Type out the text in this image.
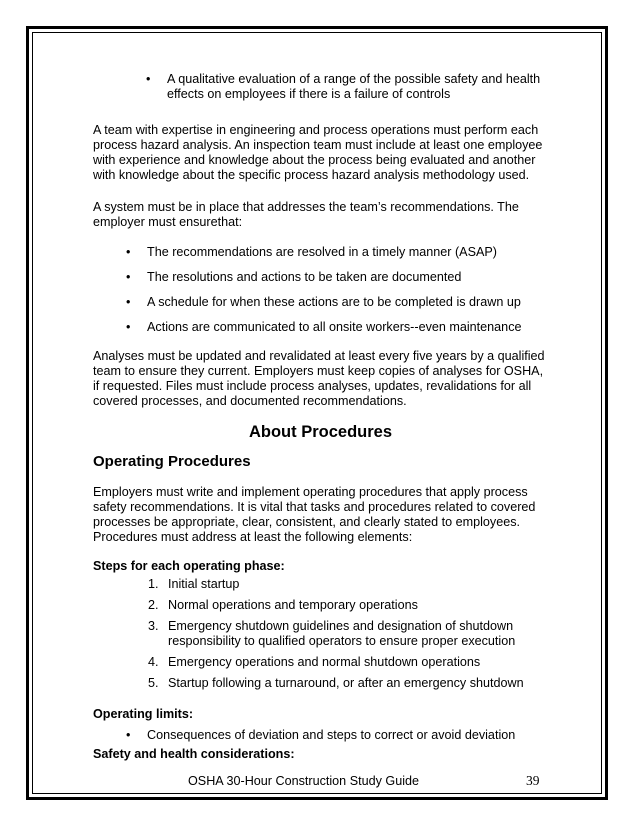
• A qualitative evaluation of a range of the possible safety and health effects on employees if there is a failure of controls

A team with expertise in engineering and process operations must perform each process hazard analysis. An inspection team must include at least one employee with experience and knowledge about the process being evaluated and another with knowledge about the specific process hazard analysis methodology used.

A system must be in place that addresses the team’s recommendations. The employer must ensurethat:

• The recommendations are resolved in a timely manner (ASAP)
• The resolutions and actions to be taken are documented
• A schedule for when these actions are to be completed is drawn up
• Actions are communicated to all onsite workers--even maintenance

Analyses must be updated and revalidated at least every five years by a qualified team to ensure they current. Employers must keep copies of analyses for OSHA, if requested. Files must include process analyses, updates, revalidations for all covered processes, and documented recommendations.

About Procedures
Operating Procedures

Employers must write and implement operating procedures that apply process safety recommendations. It is vital that tasks and procedures related to covered processes be appropriate, clear, consistent, and clearly stated to employees. Procedures must address at least the following elements:

Steps for each operating phase:

1. Initial startup
2. Normal operations and temporary operations
3. Emergency shutdown guidelines and designation of shutdown responsibility to qualified operators to ensure proper execution
4. Emergency operations and normal shutdown operations
5. Startup following a turnaround, or after an emergency shutdown

Operating limits:

• Consequences of deviation and steps to correct or avoid deviation

Safety and health considerations:

OSHA 30-Hour Construction Study Guide	39
